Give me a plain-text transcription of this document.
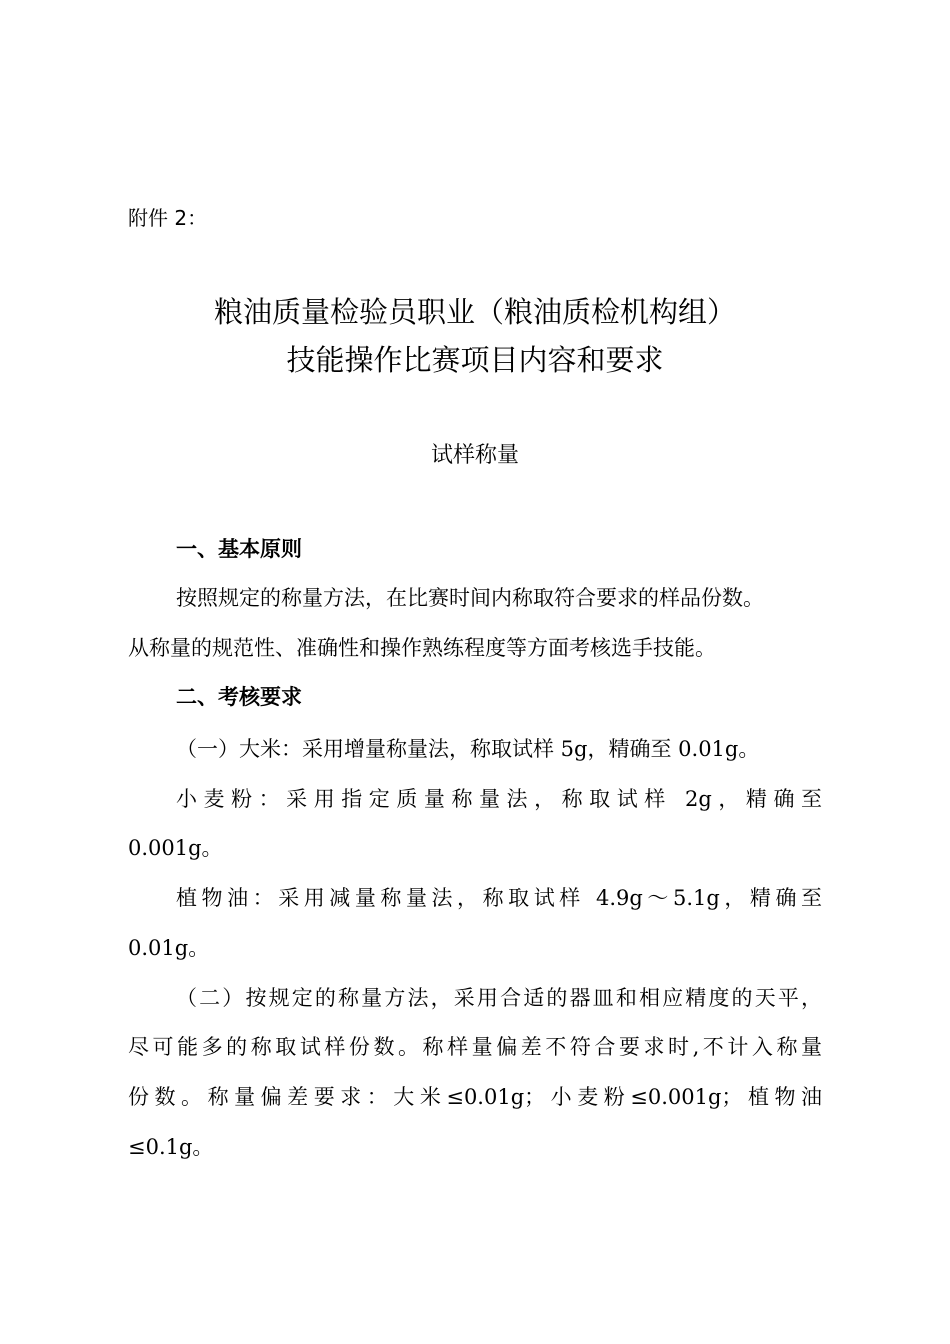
附件 2：

粮油质量检验员职业（粮油质检机构组）
技能操作比赛项目内容和要求
试样称量
一、基本原则

按照规定的称量方法，在比赛时间内称取符合要求的样品份数。

从称量的规范性、准确性和操作熟练程度等方面考核选手技能。

二、考核要求

（一）大米：采用增量称量法，称取试样 5g，精确至 0.01g。

小麦粉：采用指定质量称量法，称取试样 2g，精确至

0.001g。

植物油：采用减量称量法，称取试样 4.9g～5.1g，精确至

0.01g。

（二）按规定的称量方法，采用合适的器皿和相应精度的天平，

尽可能多的称取试样份数。称样量偏差不符合要求时,不计入称量

份数。称量偏差要求：大米≤0.01g；小麦粉≤0.001g；植物油

≤0.1g。
